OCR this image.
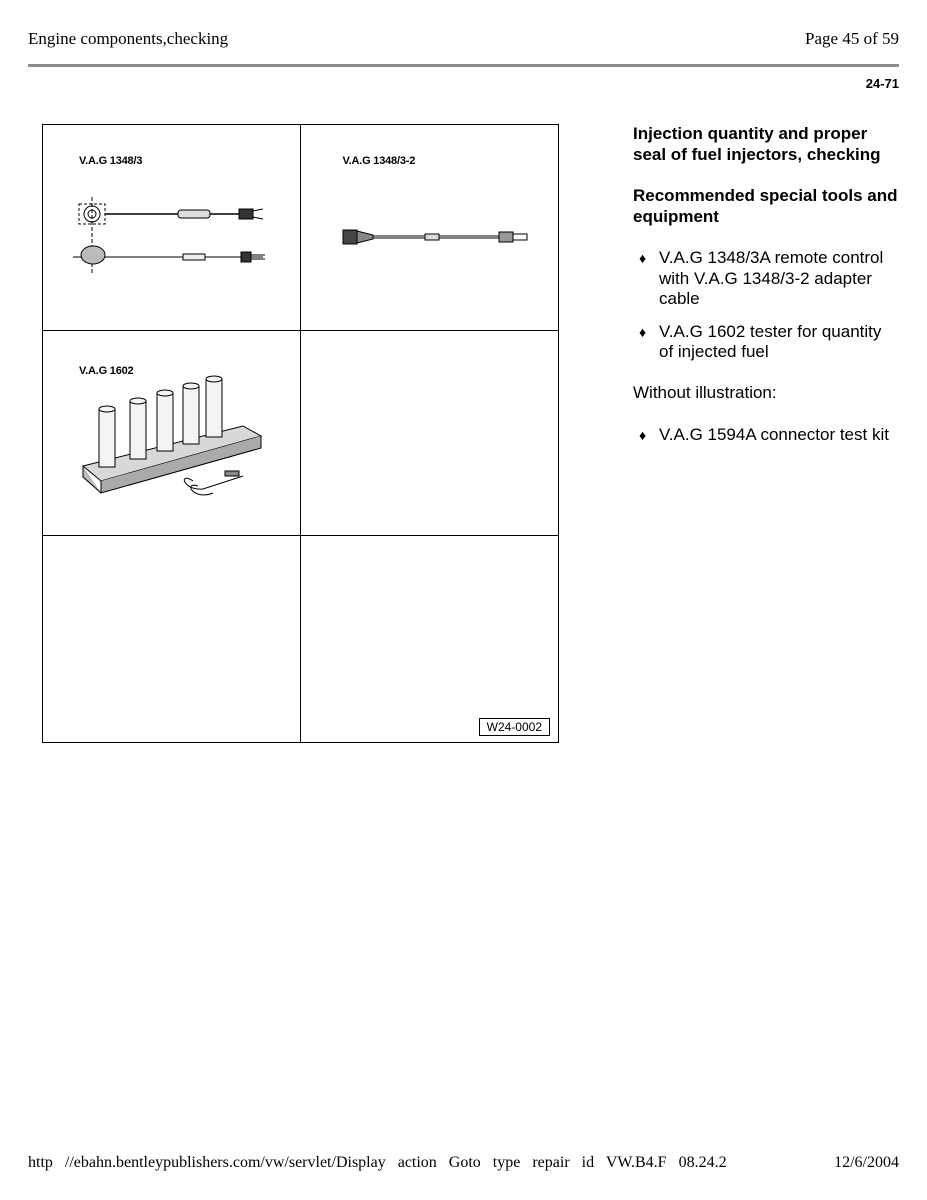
Engine components,checking	Page 45 of 59
24-71
V.A.G 1348/3	V.A.G 1348/3-2
V.A.G 1602
W24-0002
Injection quantity and proper seal of fuel injectors, checking
Recommended special tools and equipment
♦ V.A.G 1348/3A remote control with V.A.G 1348/3-2 adapter cable
♦ V.A.G 1602 tester for quantity of injected fuel

Without illustration:

♦ V.A.G 1594A connector test kit
http //ebahn.bentleypublishers.com/vw/servlet/Display action Goto type repair id VW.B4.F 08.24.2	12/6/2004
